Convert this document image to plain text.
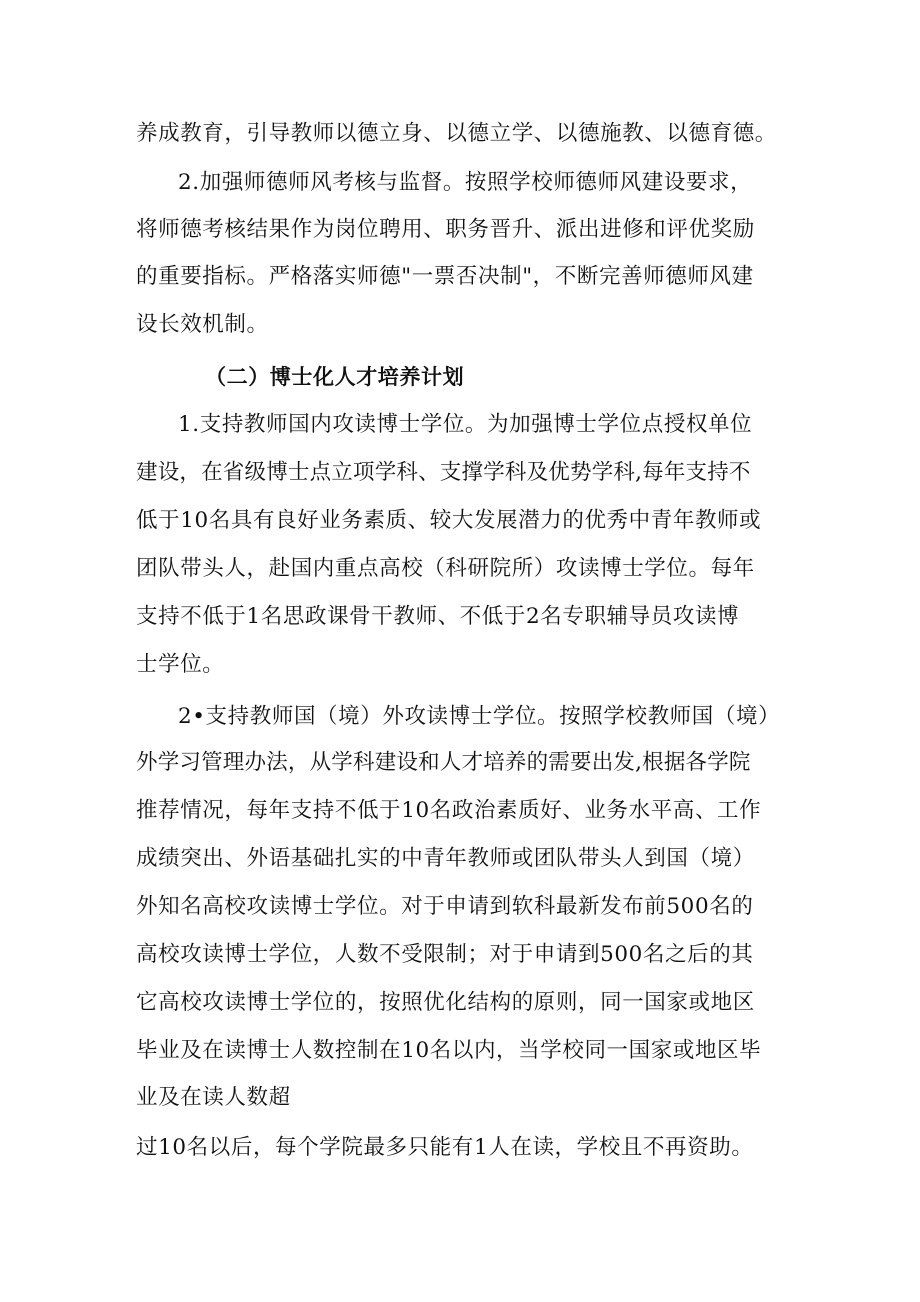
养成教育，引导教师以德立身、以德立学、以德施教、以德育德。
2.加强师德师风考核与监督。按照学校师德师风建设要求，
将师德考核结果作为岗位聘用、职务晋升、派出进修和评优奖励
的重要指标。严格落实师德"一票否决制"，不断完善师德师风建
设长效机制。
（二）博士化人才培养计划
1.支持教师国内攻读博士学位。为加强博士学位点授权单位
建设，在省级博士点立项学科、支撑学科及优势学科,每年支持不
低于10名具有良好业务素质、较大发展潜力的优秀中青年教师或
团队带头人，赴国内重点高校（科研院所）攻读博士学位。每年
支持不低于1名思政课骨干教师、不低于2名专职辅导员攻读博
士学位。
2•支持教师国（境）外攻读博士学位。按照学校教师国（境）
外学习管理办法，从学科建设和人才培养的需要出发,根据各学院
推荐情况，每年支持不低于10名政治素质好、业务水平高、工作
成绩突出、外语基础扎实的中青年教师或团队带头人到国（境）
外知名高校攻读博士学位。对于申请到软科最新发布前500名的
高校攻读博士学位，人数不受限制；对于申请到500名之后的其
它高校攻读博士学位的，按照优化结构的原则，同一国家或地区
毕业及在读博士人数控制在10名以内，当学校同一国家或地区毕
业及在读人数超
过10名以后，每个学院最多只能有1人在读，学校且不再资助。
